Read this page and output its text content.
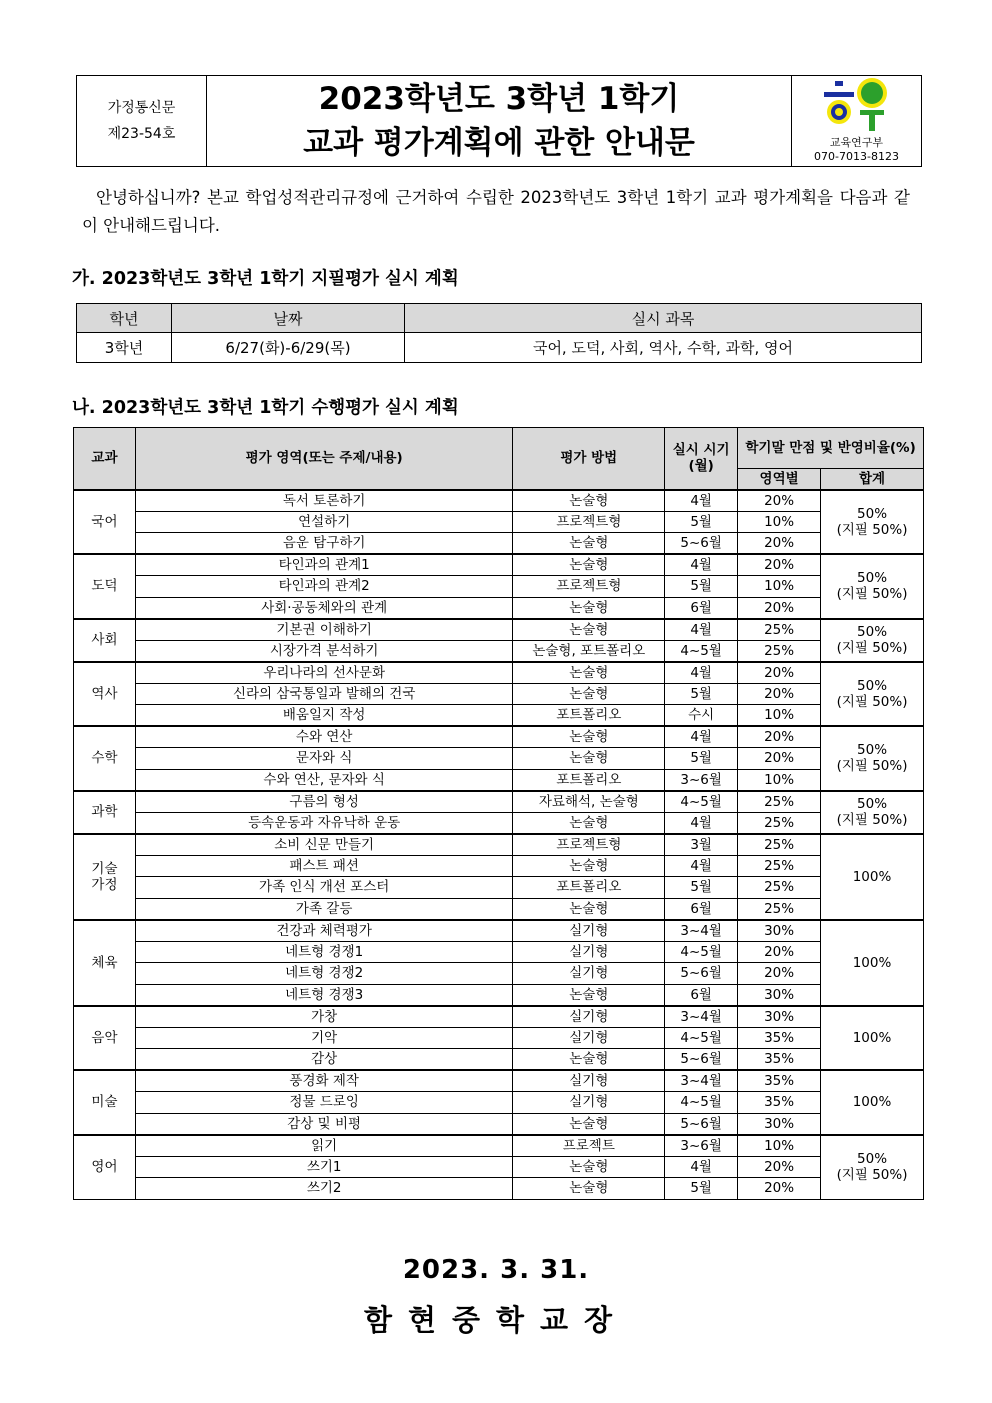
가정통신문
제23-54호
2023학년도 3학년 1학기
교과 평가계획에 관한 안내문	교육연구부
070-7013-8123

안녕하십니까? 본교 학업성적관리규정에 근거하여 수립한 2023학년도 3학년 1학기 교과 평가계획을 다음과 같이 안내해드립니다.

가. 2023학년도 3학년 1학기 지필평가 실시 계획
학년	날짜	실시 과목
3학년	6/27(화)-6/29(목)	국어, 도덕, 사회, 역사, 수학, 과학, 영어
나. 2023학년도 3학년 1학기 수행평가 실시 계획
교과	평가 영역(또는 주제/내용)	평가 방법	실시 시기 (월)	학기말 만점 및 반영비율(%)	
				영역별	합계
국어	독서 토론하기	논술형	4월	20%	50%
(지필 50%)

	연설하기	프로젝트형	5월	10%	
	음운 탐구하기	논술형	5~6월	20%	
도덕	타인과의 관계1	논술형	4월	20%	50%
(지필 50%)

	타인과의 관계2	프로젝트형	5월	10%	
	사회·공동체와의 관계	논술형	6월	20%	
사회	기본권 이해하기	논술형	4월	25%	50%
(지필 50%)

	시장가격 분석하기	논술형, 포트폴리오	4~5월	25%	
역사	우리나라의 선사문화	논술형	4월	20%	50%
(지필 50%)

	신라의 삼국통일과 발해의 건국	논술형	5월	20%	
	배움일지 작성	포트폴리오	수시	10%	
수학	수와 연산	논술형	4월	20%	50%
(지필 50%)

	문자와 식	논술형	5월	20%	
	수와 연산, 문자와 식	포트폴리오	3~6월	10%	
과학	구름의 형성	자료해석, 논술형	4~5월	25%	50%
(지필 50%)

	등속운동과 자유낙하 운동	논술형	4월	25%	
기술
가정	소비 신문 만들기	프로젝트형	3월	25%	100%

	패스트 패션	논술형	4월	25%	
	가족 인식 개선 포스터	포트폴리오	5월	25%	
	가족 갈등	논술형	6월	25%	
체육	건강과 체력평가	실기형	3~4월	30%	100%

	네트형 경쟁1	실기형	4~5월	20%	
	네트형 경쟁2	실기형	5~6월	20%	
	네트형 경쟁3	논술형	6월	30%	
음악	가창	실기형	3~4월	30%	100%

	기악	실기형	4~5월	35%	
	감상	논술형	5~6월	35%	
미술	풍경화 제작	실기형	3~4월	35%	100%

	정물 드로잉	실기형	4~5월	35%	
	감상 및 비평	논술형	5~6월	30%	
영어	읽기	프로젝트	3~6월	10%	50%
(지필 50%)

	쓰기1	논술형	4월	20%	
	쓰기2	논술형	5월	20%	
2023. 3. 31.
함현중학교장
